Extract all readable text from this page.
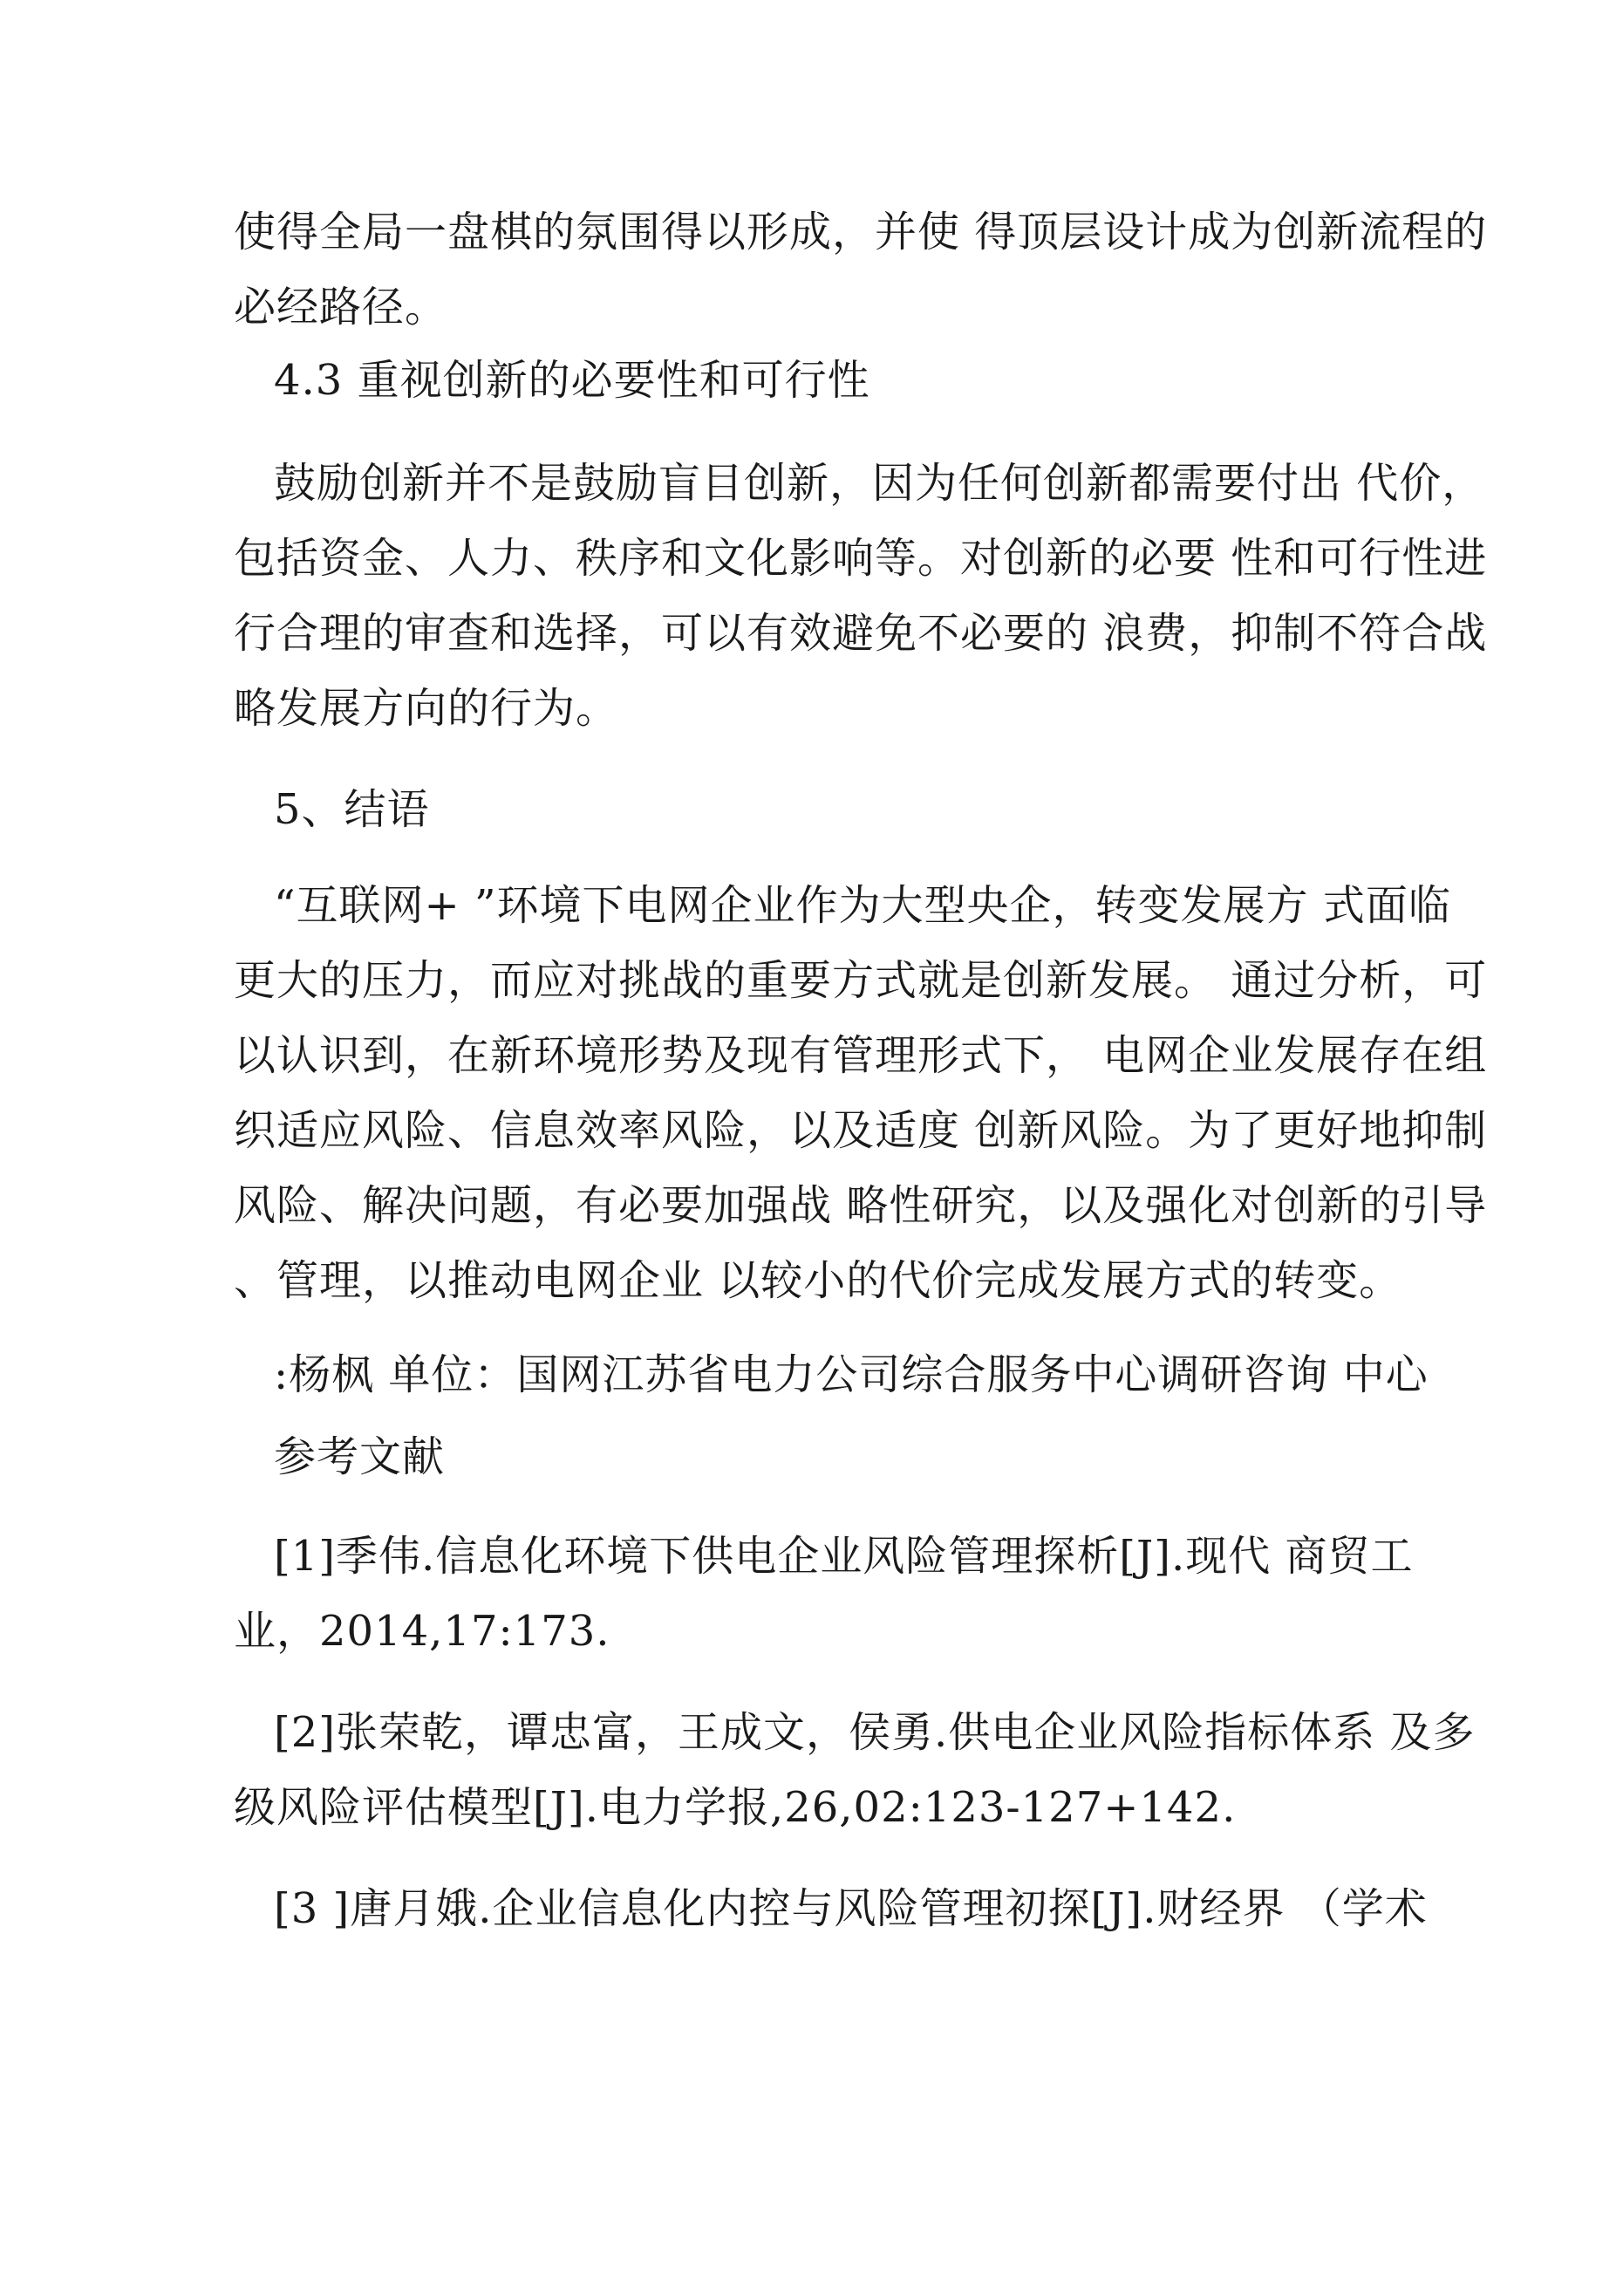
使得全局一盘棋的氛围得以形成，并使 得顶层设计成为创新流程的
必经路径。
4.3 重视创新的必要性和可行性
鼓励创新并不是鼓励盲目创新，因为任何创新都需要付出 代价，
包括资金、人力、秩序和文化影响等。对创新的必要 性和可行性进
行合理的审查和选择，可以有效避免不必要的 浪费，抑制不符合战
略发展方向的行为。
5、结语
“互联网+ ”环境下电网企业作为大型央企，转变发展方 式面临
更大的压力，而应对挑战的重要方式就是创新发展。 通过分析，可
以认识到，在新环境形势及现有管理形式下， 电网企业发展存在组
织适应风险、信息效率风险，以及适度 创新风险。为了更好地抑制
风险、解决问题，有必要加强战 略性研究，以及强化对创新的引导
、管理，以推动电网企业 以较小的代价完成发展方式的转变。
:杨枫 单位：国网江苏省电力公司综合服务中心调研咨询 中心
参考文献
[1]季伟.信息化环境下供电企业风险管理探析[J].现代 商贸工
业，2014,17:173.
[2]张荣乾，谭忠富，王成文，侯勇.供电企业风险指标体系 及多
级风险评估模型[J].电力学报,26,02:123-127+142.
[3 ]唐月娥.企业信息化内控与风险管理初探[J].财经界 （学术
